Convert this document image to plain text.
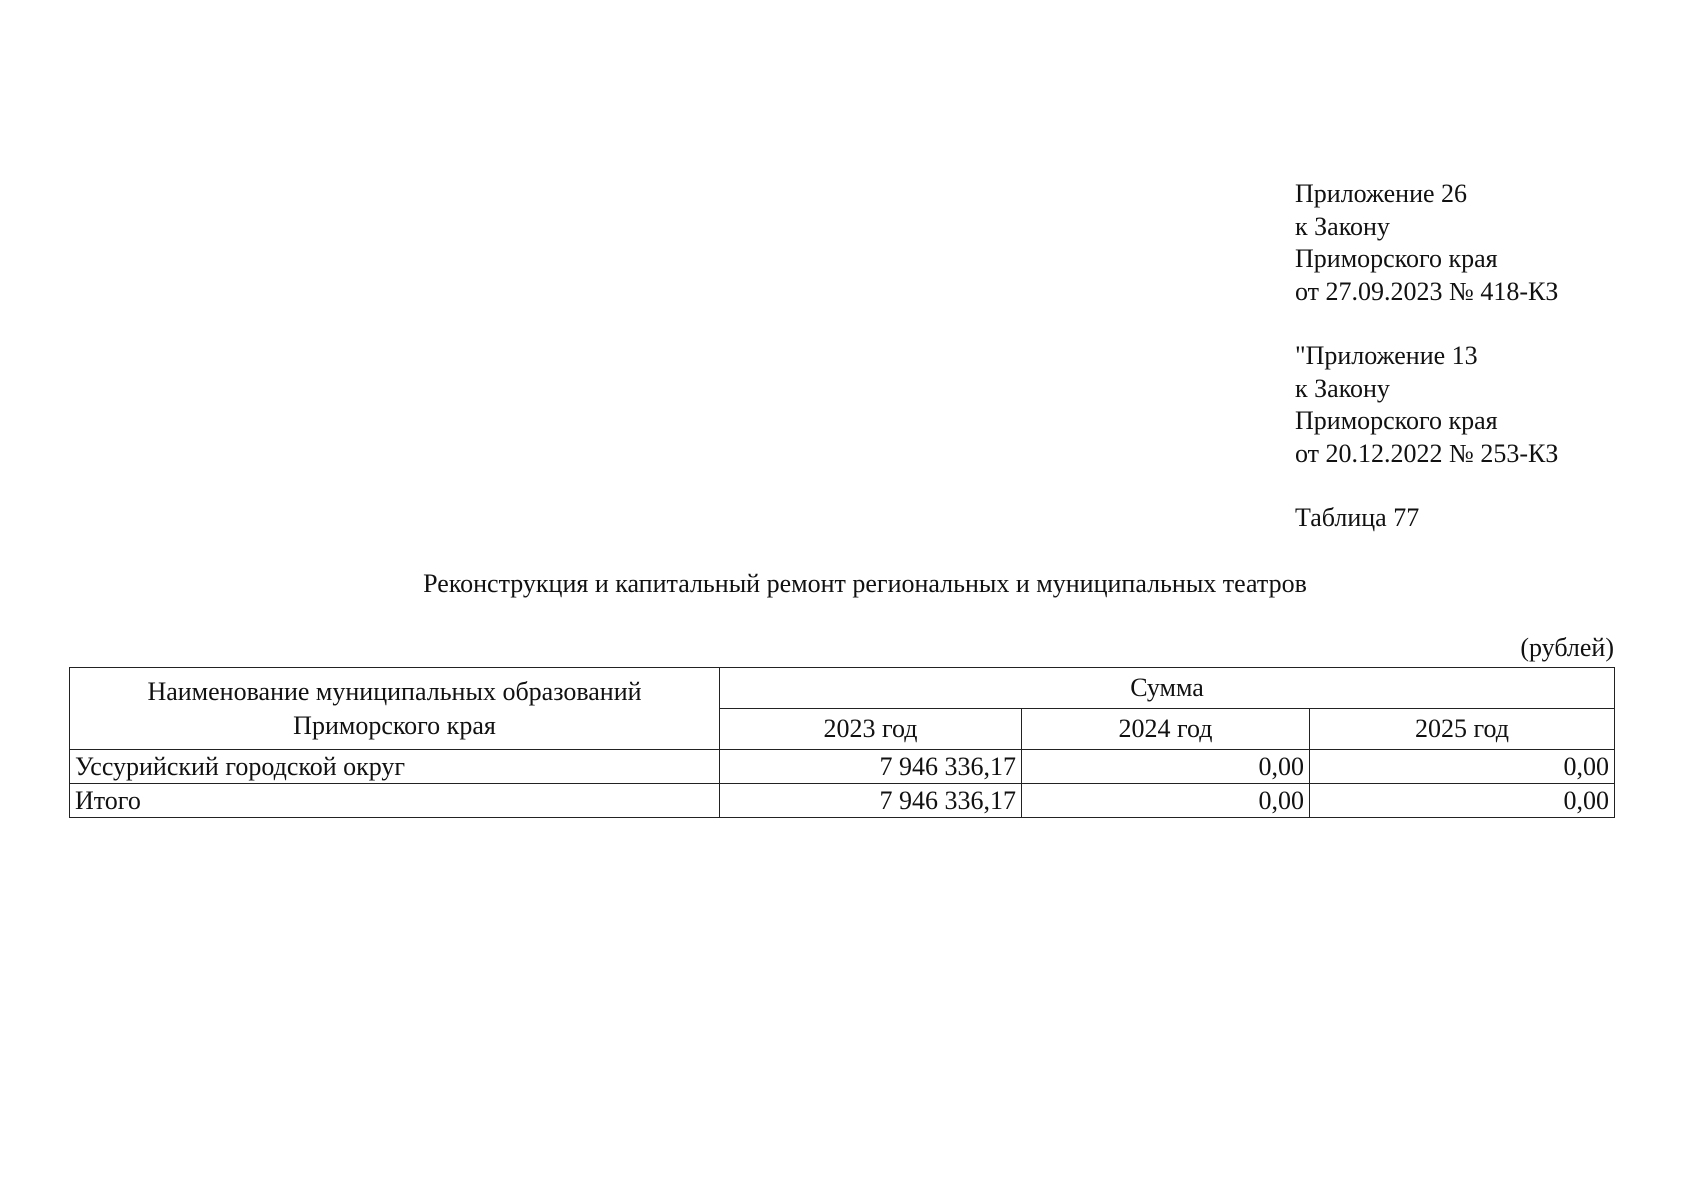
Приложение 26
к Закону
Приморского края
от 27.09.2023 № 418-КЗ
"Приложение 13
к Закону
Приморского края
от 20.12.2022 № 253-КЗ
Таблица 77
Реконструкция и капитальный ремонт региональных и муниципальных театров
(рублей)
Наименование муниципальных образований
Приморского края	Сумма		
	2023 год	2024 год	2025 год
Уссурийский городской округ	7 946 336,17	0,00	0,00
Итого	7 946 336,17	0,00	0,00
